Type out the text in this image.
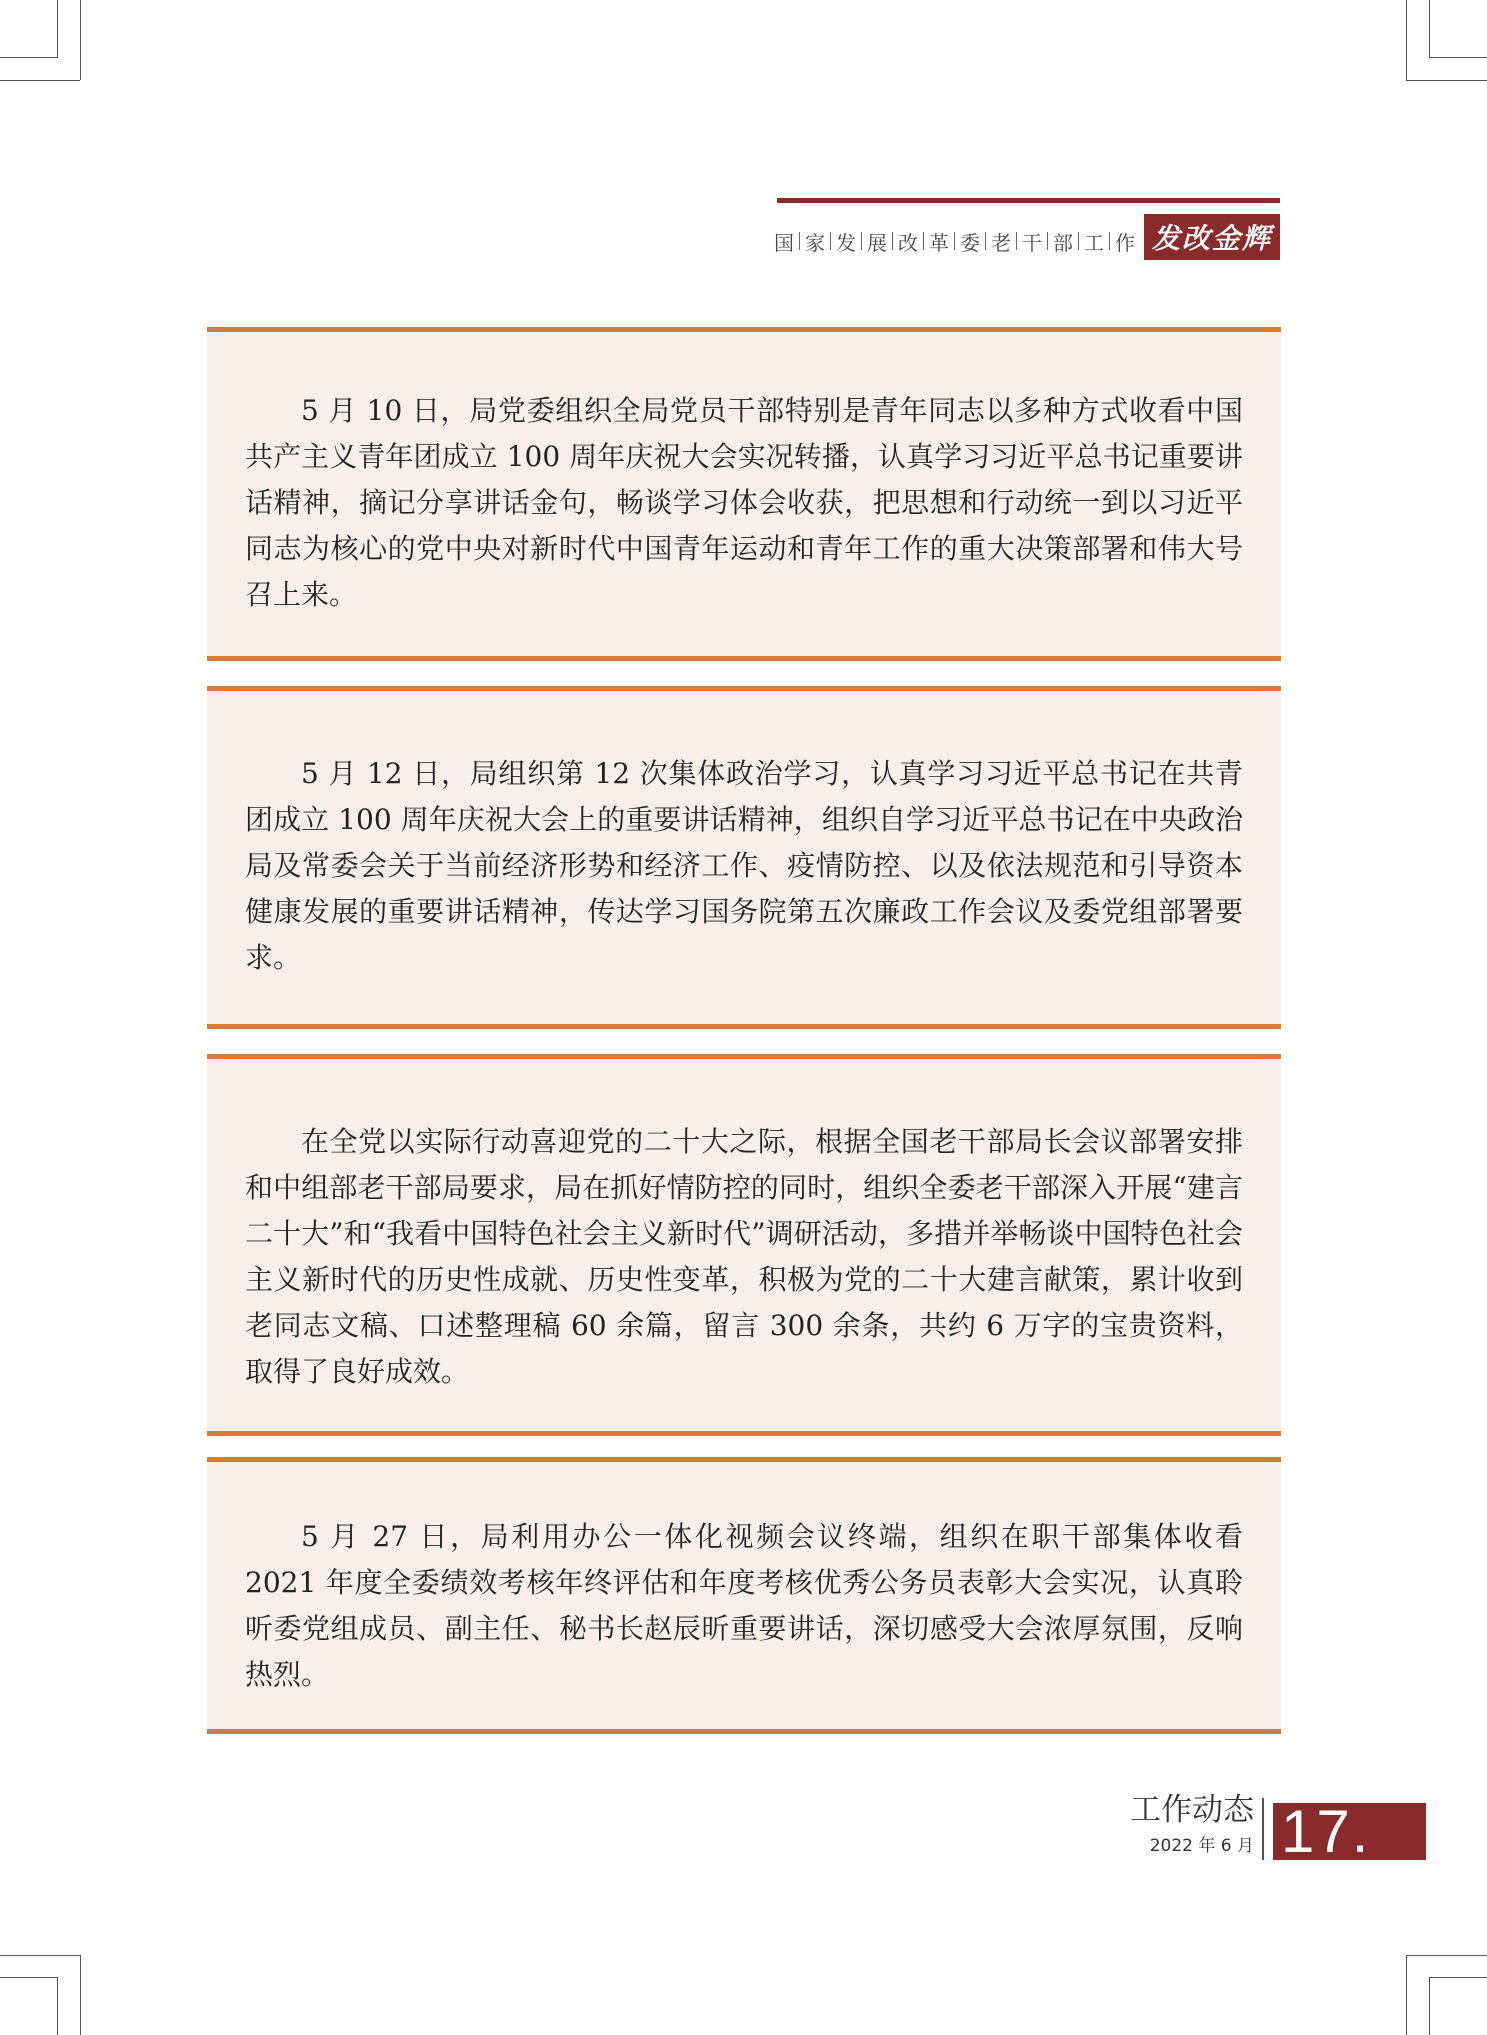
国 家 发 展 改 革 委 老 干 部 工 作 发改金辉

5 月 10 日，局党委组织全局党员干部特别是青年同志以多种方式收看中国共产主义青年团成立 100 周年庆祝大会实况转播，认真学习习近平总书记重要讲话精神，摘记分享讲话金句，畅谈学习体会收获，把思想和行动统一到以习近平同志为核心的党中央对新时代中国青年运动和青年工作的重大决策部署和伟大号召上来。

5 月 12 日，局组织第 12 次集体政治学习，认真学习习近平总书记在共青团成立 100 周年庆祝大会上的重要讲话精神，组织自学习近平总书记在中央政治局及常委会关于当前经济形势和经济工作、疫情防控、以及依法规范和引导资本健康发展的重要讲话精神，传达学习国务院第五次廉政工作会议及委党组部署要求。

在全党以实际行动喜迎党的二十大之际，根据全国老干部局长会议部署安排和中组部老干部局要求，局在抓好情防控的同时，组织全委老干部深入开展“建言二十大”和“我看中国特色社会主义新时代”调研活动，多措并举畅谈中国特色社会主义新时代的历史性成就、历史性变革，积极为党的二十大建言献策，累计收到老同志文稿、口述整理稿 60 余篇，留言 300 余条，共约 6 万字的宝贵资料，取得了良好成效。

5 月 27 日，局利用办公一体化视频会议终端，组织在职干部集体收看 2021 年度全委绩效考核年终评估和年度考核优秀公务员表彰大会实况，认真聆听委党组成员、副主任、秘书长赵辰昕重要讲话，深切感受大会浓厚氛围，反响热烈。

工作动态
2022 年 6 月 17.
